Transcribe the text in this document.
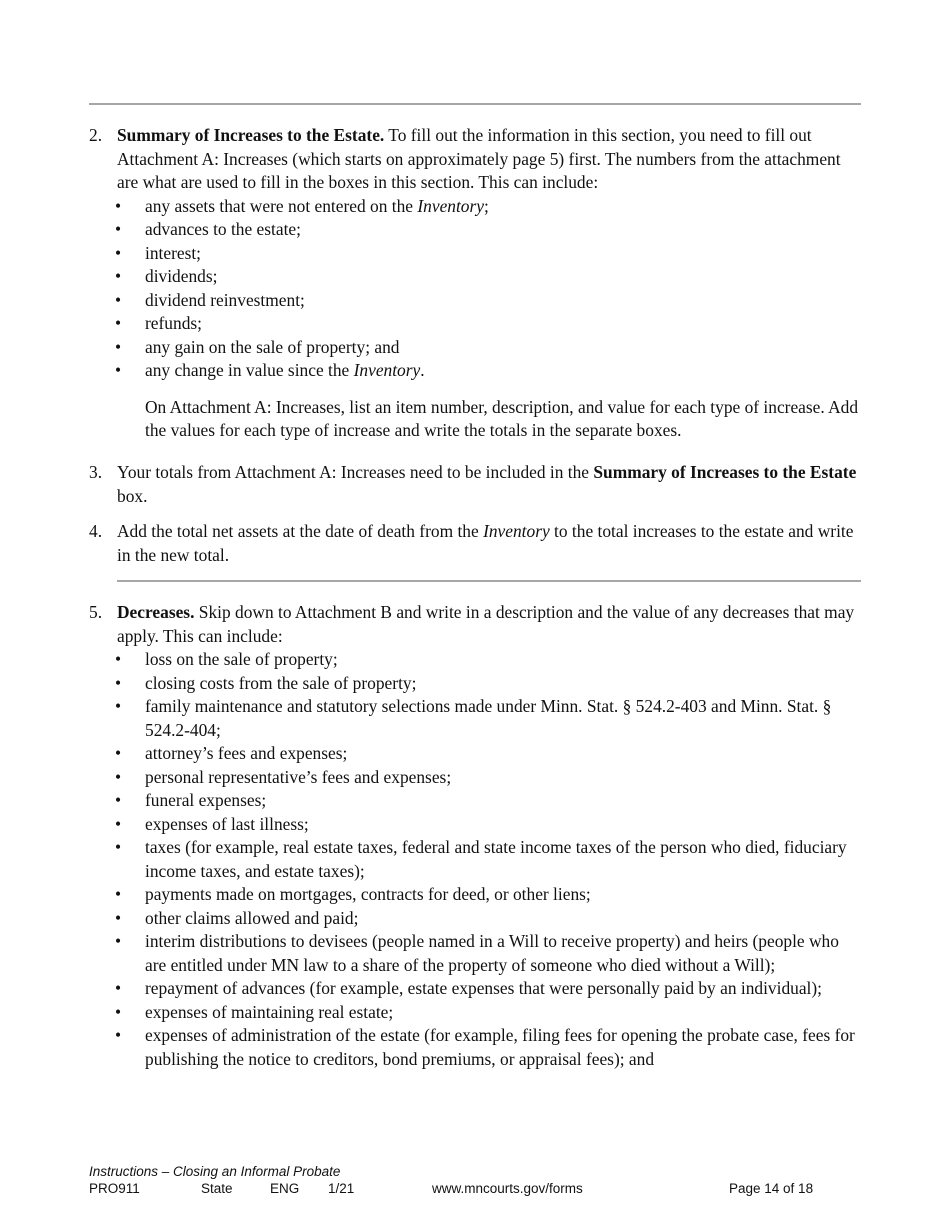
2. Summary of Increases to the Estate. To fill out the information in this section, you need to fill out Attachment A: Increases (which starts on approximately page 5) first. The numbers from the attachment are what are used to fill in the boxes in this section. This can include:
• any assets that were not entered on the Inventory;
• advances to the estate;
• interest;
• dividends;
• dividend reinvestment;
• refunds;
• any gain on the sale of property; and
• any change in value since the Inventory.
On Attachment A: Increases, list an item number, description, and value for each type of increase. Add the values for each type of increase and write the totals in the separate boxes.
3. Your totals from Attachment A: Increases need to be included in the Summary of Increases to the Estate box.
4. Add the total net assets at the date of death from the Inventory to the total increases to the estate and write in the new total.
5. Decreases. Skip down to Attachment B and write in a description and the value of any decreases that may apply. This can include:
• loss on the sale of property;
• closing costs from the sale of property;
• family maintenance and statutory selections made under Minn. Stat. § 524.2-403 and Minn. Stat. § 524.2-404;
• attorney’s fees and expenses;
• personal representative’s fees and expenses;
• funeral expenses;
• expenses of last illness;
• taxes (for example, real estate taxes, federal and state income taxes of the person who died, fiduciary income taxes, and estate taxes);
• payments made on mortgages, contracts for deed, or other liens;
• other claims allowed and paid;
• interim distributions to devisees (people named in a Will to receive property) and heirs (people who are entitled under MN law to a share of the property of someone who died without a Will);
• repayment of advances (for example, estate expenses that were personally paid by an individual);
• expenses of maintaining real estate;
• expenses of administration of the estate (for example, filing fees for opening the probate case, fees for publishing the notice to creditors, bond premiums, or appraisal fees); and
Instructions – Closing an Informal Probate
PRO911	State	ENG 1/21	www.mncourts.gov/forms	Page 14 of 18
